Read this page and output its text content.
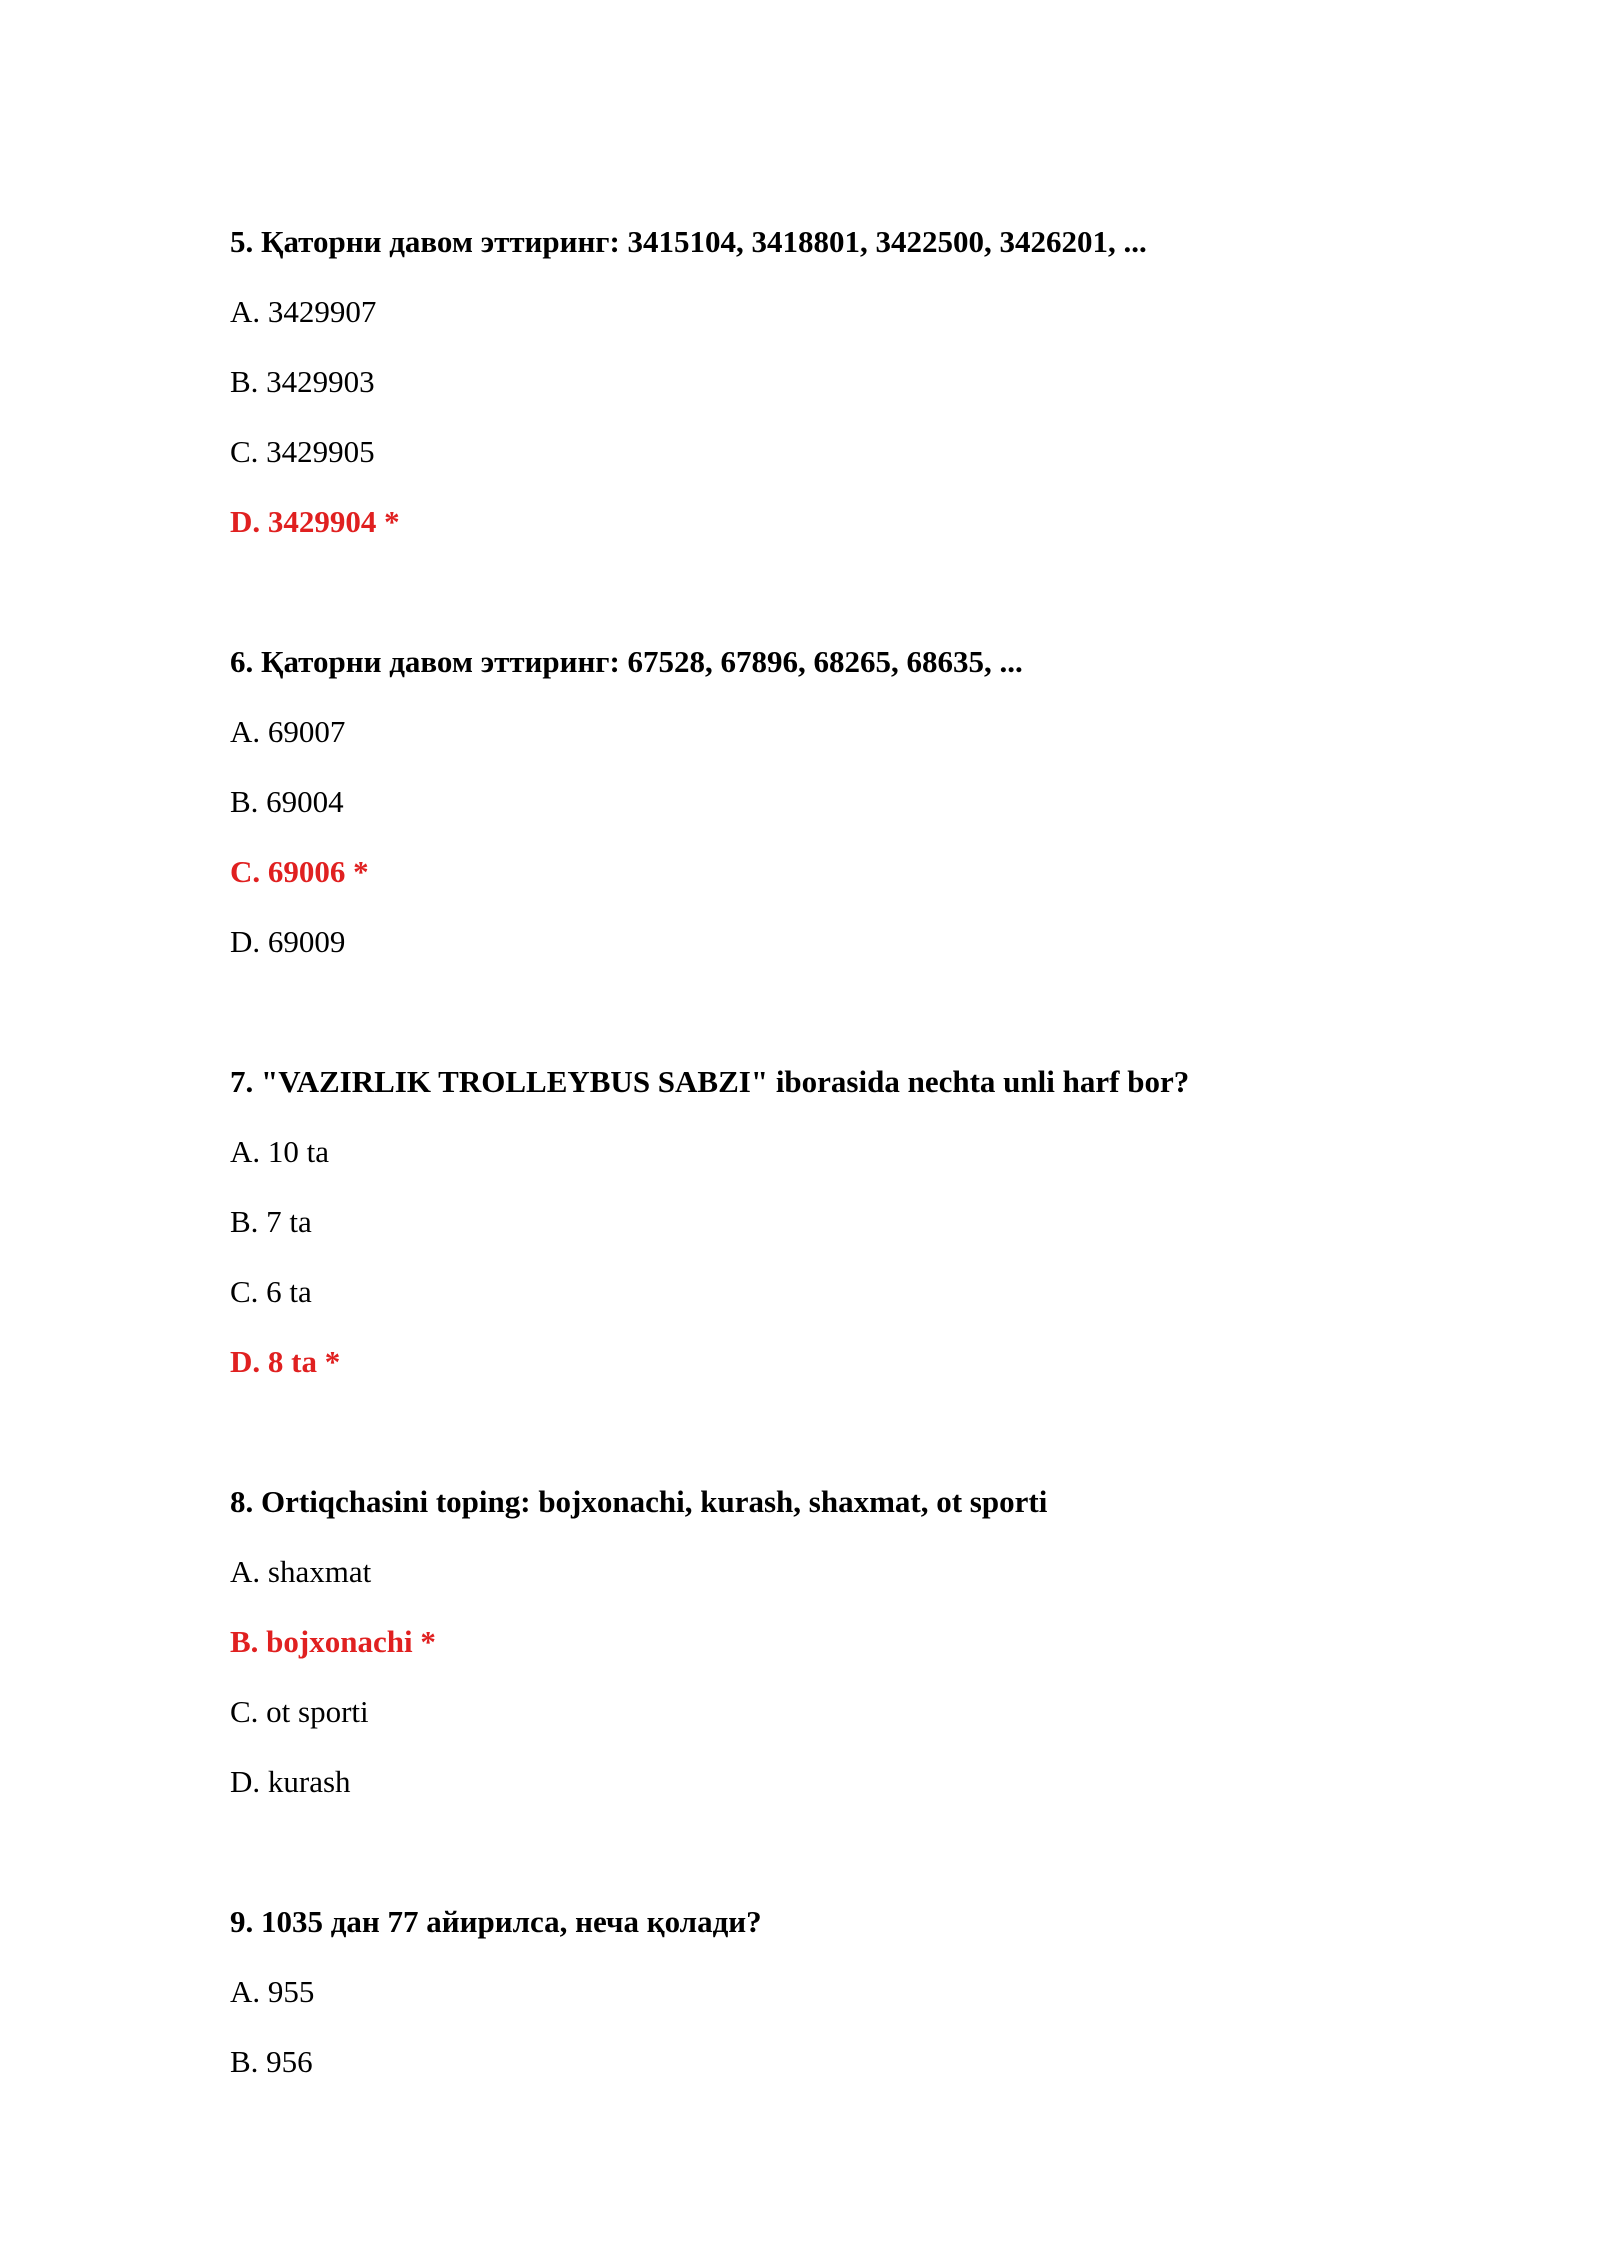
5. Қаторни давом эттиринг: 3415104, 3418801, 3422500, 3426201, ...
A. 3429907
B. 3429903
C. 3429905
D. 3429904 *
6. Қаторни давом эттиринг: 67528, 67896, 68265, 68635, ...
A. 69007
B. 69004
C. 69006 *
D. 69009
7. "VAZIRLIK TROLLEYBUS SABZI" iborasida nechta unli harf bor?
A. 10 ta
B. 7 ta
C. 6 ta
D. 8 ta *
8. Ortiqchasini toping: bojxonachi, kurash, shaxmat, ot sporti
A. shaxmat
B. bojxonachi *
C. ot sporti
D. kurash
9. 1035 дан 77 айирилса, неча қолади?
A. 955
B. 956
